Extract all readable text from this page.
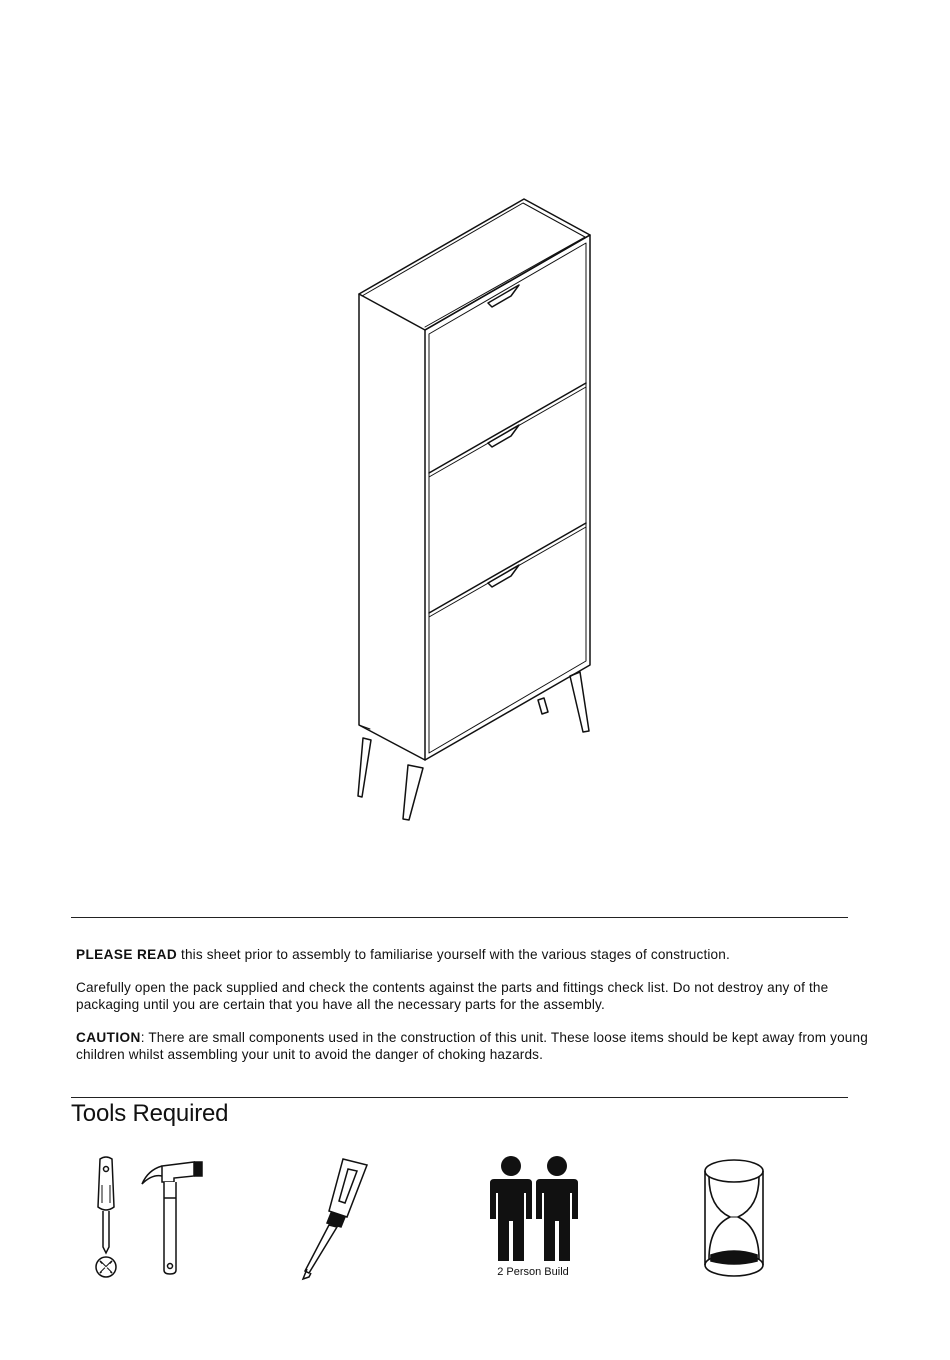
PLEASE READ this sheet prior to assembly to familiarise yourself with the various stages of construction.

Carefully open the pack supplied and check the contents against the parts and fittings check list. Do not destroy any of the packaging until you are certain that you have all the necessary parts for the assembly.

CAUTION: There are small components used in the construction of this unit. These loose items should be kept away from young children whilst assembling your unit to avoid the danger of choking hazards.

Tools Required
2 Person Build
